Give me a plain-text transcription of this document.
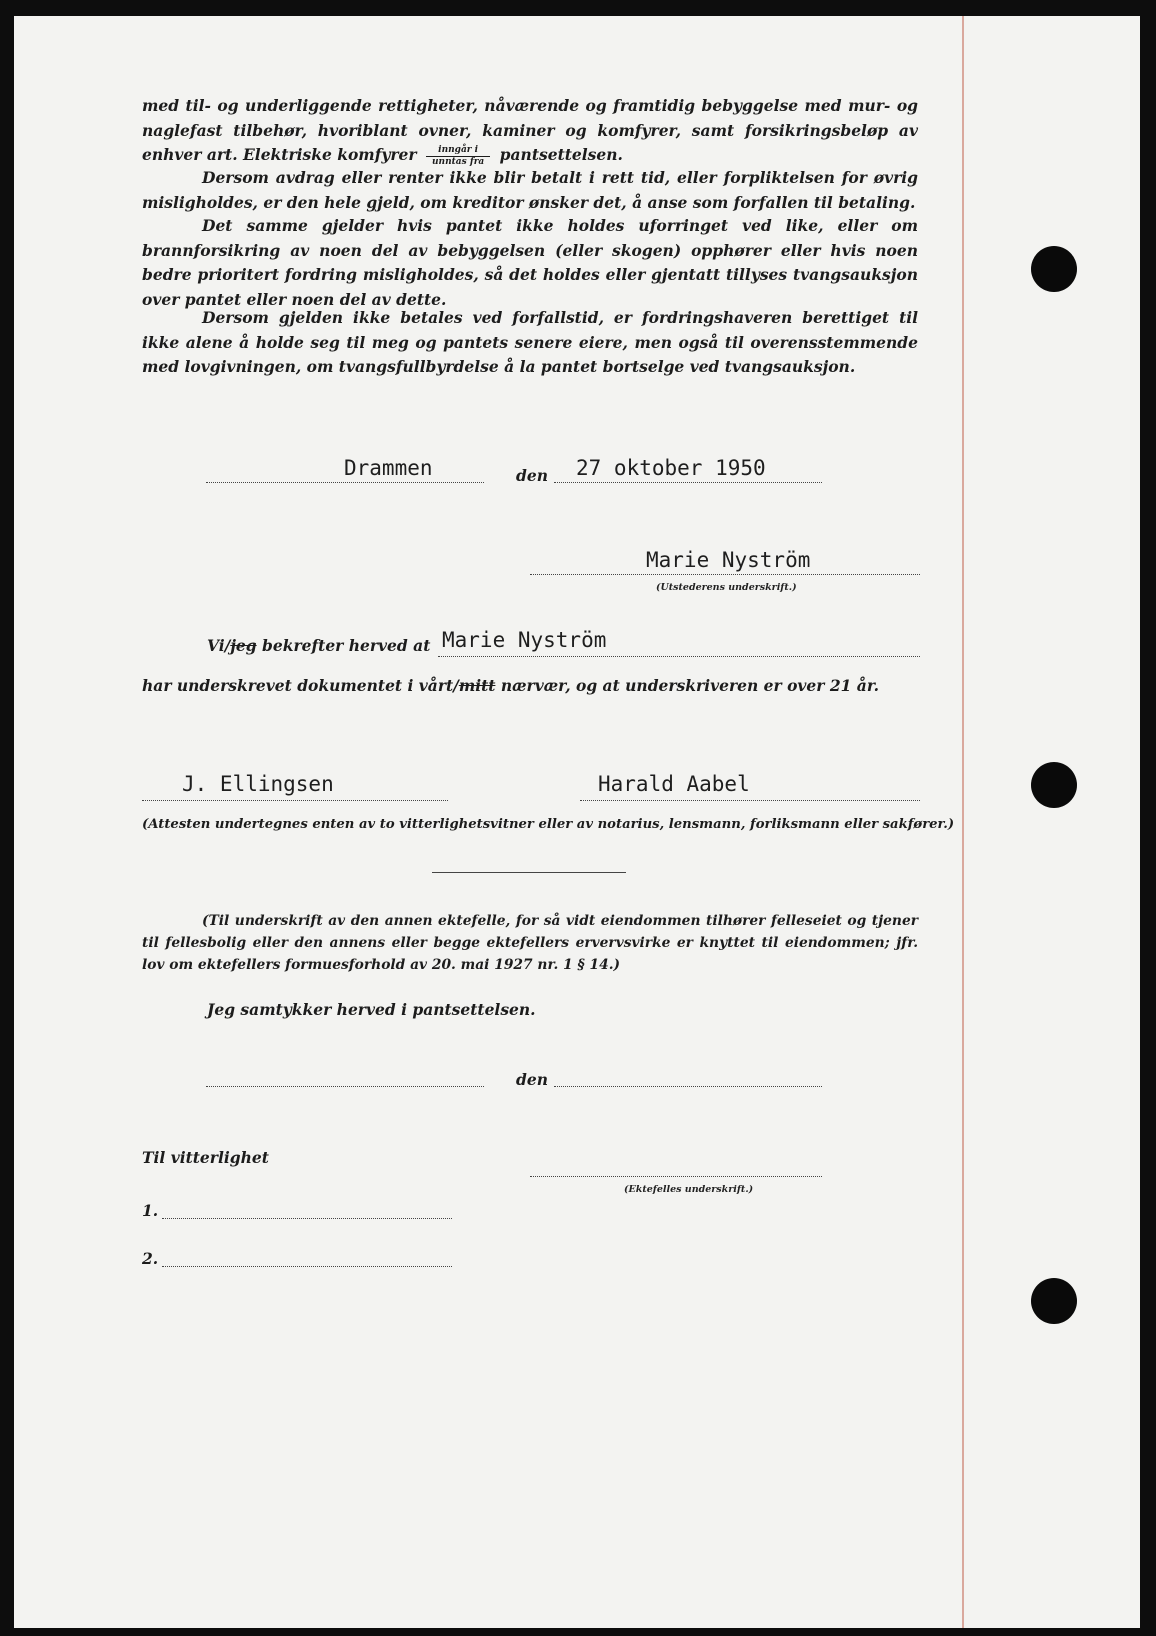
med til- og underliggende rettigheter, nåværende og framtidig bebyggelse med mur- og naglefast tilbehør, hvoriblant ovner, kaminer og komfyrer, samt forsikringsbeløp av enhver art. Elektriske komfyrer $\frac{\text{inngår i}}{\text{unntas fra}}$ pantsettelsen.
Dersom avdrag eller renter ikke blir betalt i rett tid, eller forpliktelsen for øvrig misligholdes, er den hele gjeld, om kreditor ønsker det, å anse som forfallen til betaling.
Det samme gjelder hvis pantet ikke holdes uforringet ved like, eller om brannforsikring av noen del av bebyggelsen (eller skogen) opphører eller hvis noen bedre prioritert fordring misligholdes, så det holdes eller gjentatt tillyses tvangsauksjon over pantet eller noen del av dette.
Dersom gjelden ikke betales ved forfallstid, er fordringshaveren berettiget til ikke alene å holde seg til meg og pantets senere eiere, men også til overensstemmende med lovgivningen, om tvangsfullbyrdelse å la pantet bortselge ved tvangsauksjon.
Drammen	den 27 oktober 1950
Marie Nyström
(Utstederens underskrift.)
Vi/jeg bekrefter herved at Marie Nyström
har underskrevet dokumentet i vårt/mitt nærvær, og at underskriveren er over 21 år.
J. Ellingsen	Harald Aabel
(Attesten undertegnes enten av to vitterlighetsvitner eller av notarius, lensmann, forliksmann eller sakfører.)
(Til underskrift av den annen ektefelle, for så vidt eiendommen tilhører felleseiet og tjener til fellesbolig eller den annens eller begge ektefellers ervervsvirke er knyttet til eiendommen; jfr. lov om ektefellers formuesforhold av 20. mai 1927 nr. 1 § 14.)
Jeg samtykker herved i pantsettelsen.
den
Til vitterlighet
(Ektefelles underskrift.)
1.
2.
